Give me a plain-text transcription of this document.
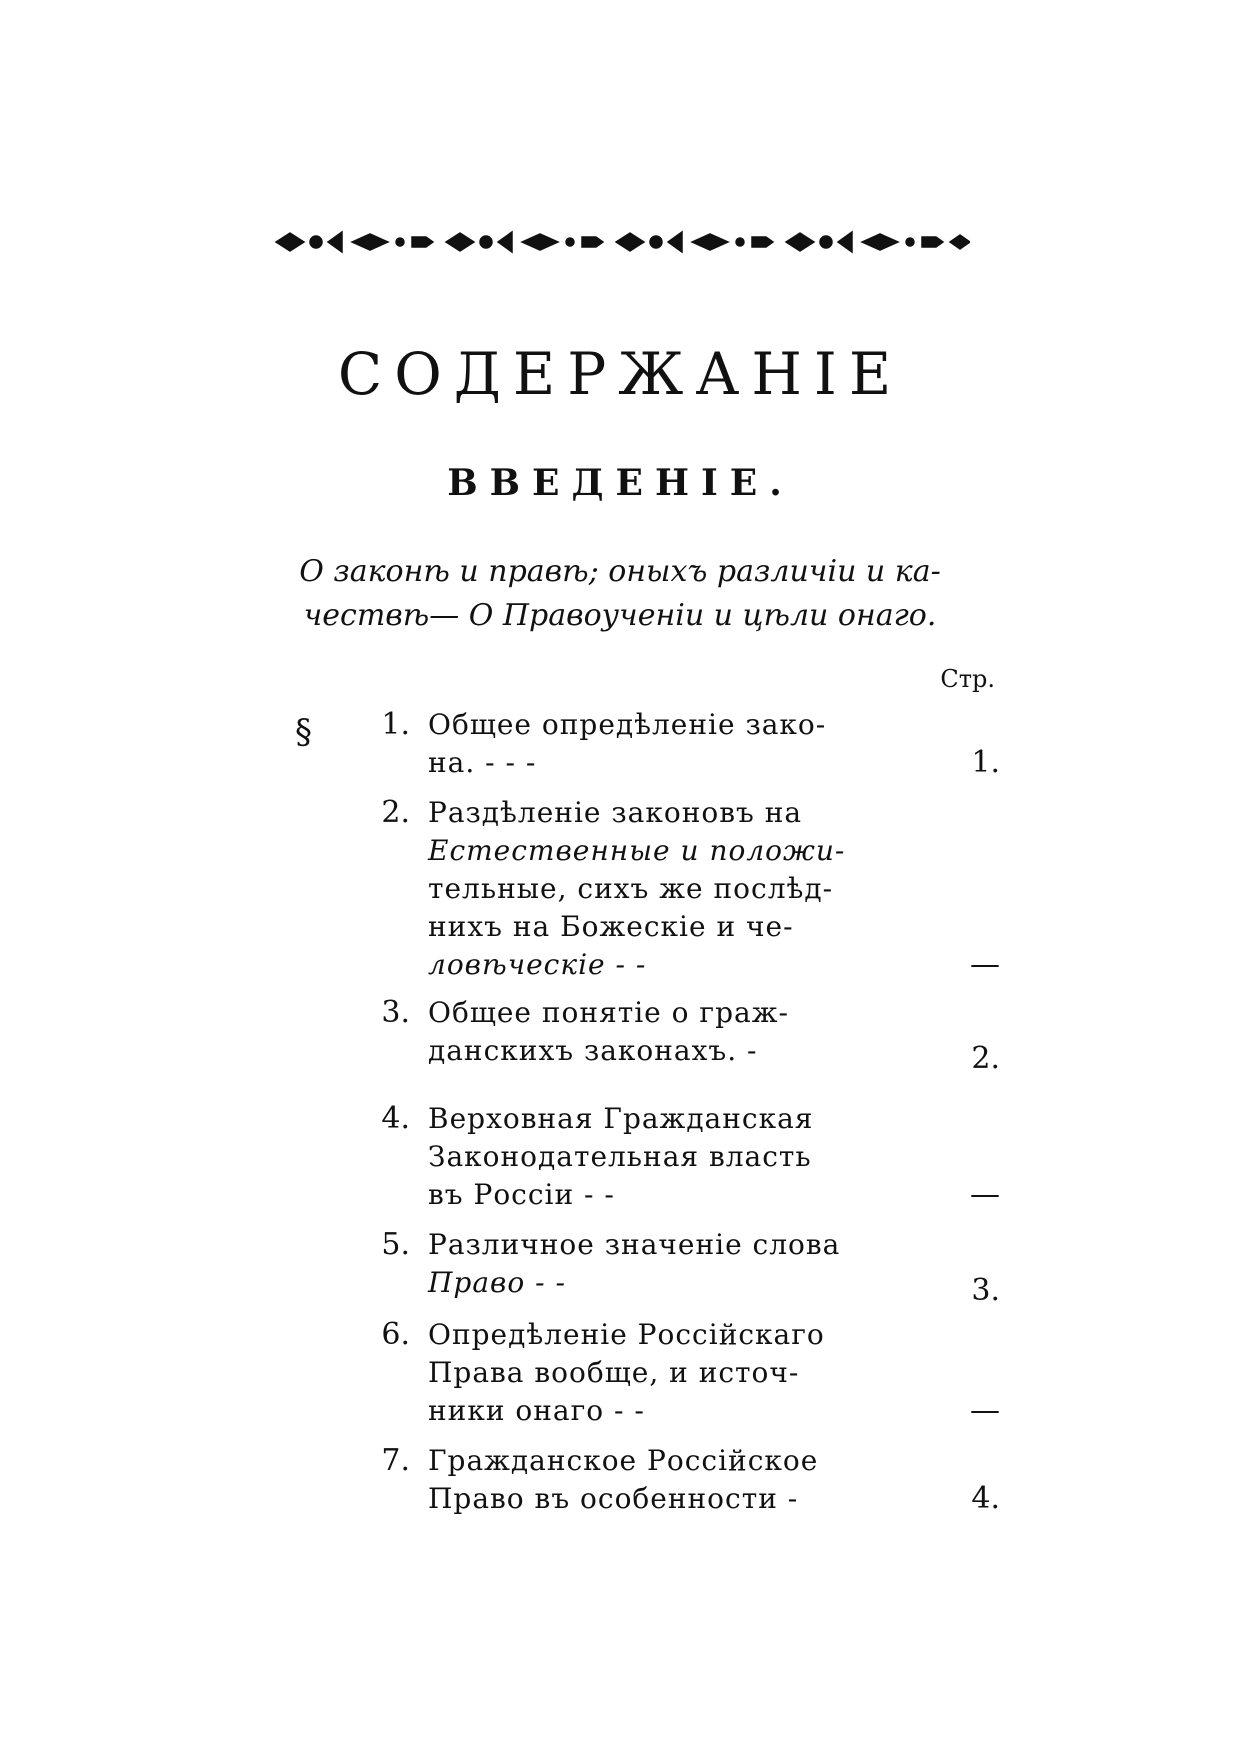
СОДЕРЖАНІЕ
ВВЕДЕНІЕ.
О законѣ и правѣ; оныхъ различіи и ка-
чествѣ— О Правоученіи и цѣли онаго.
Стр.
§	1. Общее опредѣленіе зако-
на. - - -	1.
2. Раздѣленіе законовъ на
Естественные и положи-
тельные, сихъ же послѣд-
нихъ на Божескіе и че-
ловѣческіе - -	—
3. Общее понятіе о граж-
данскихъ законахъ. -	2.
4. Верховная Гражданская
Законодательная власть
въ Россіи - -	—
5. Различное значеніе слова
Право - -	3.
6. Опредѣленіе Россійскаго
Права вообще, и источ-
ники онаго - -	—
7. Гражданское Россійское
Право въ особенности -	4.
